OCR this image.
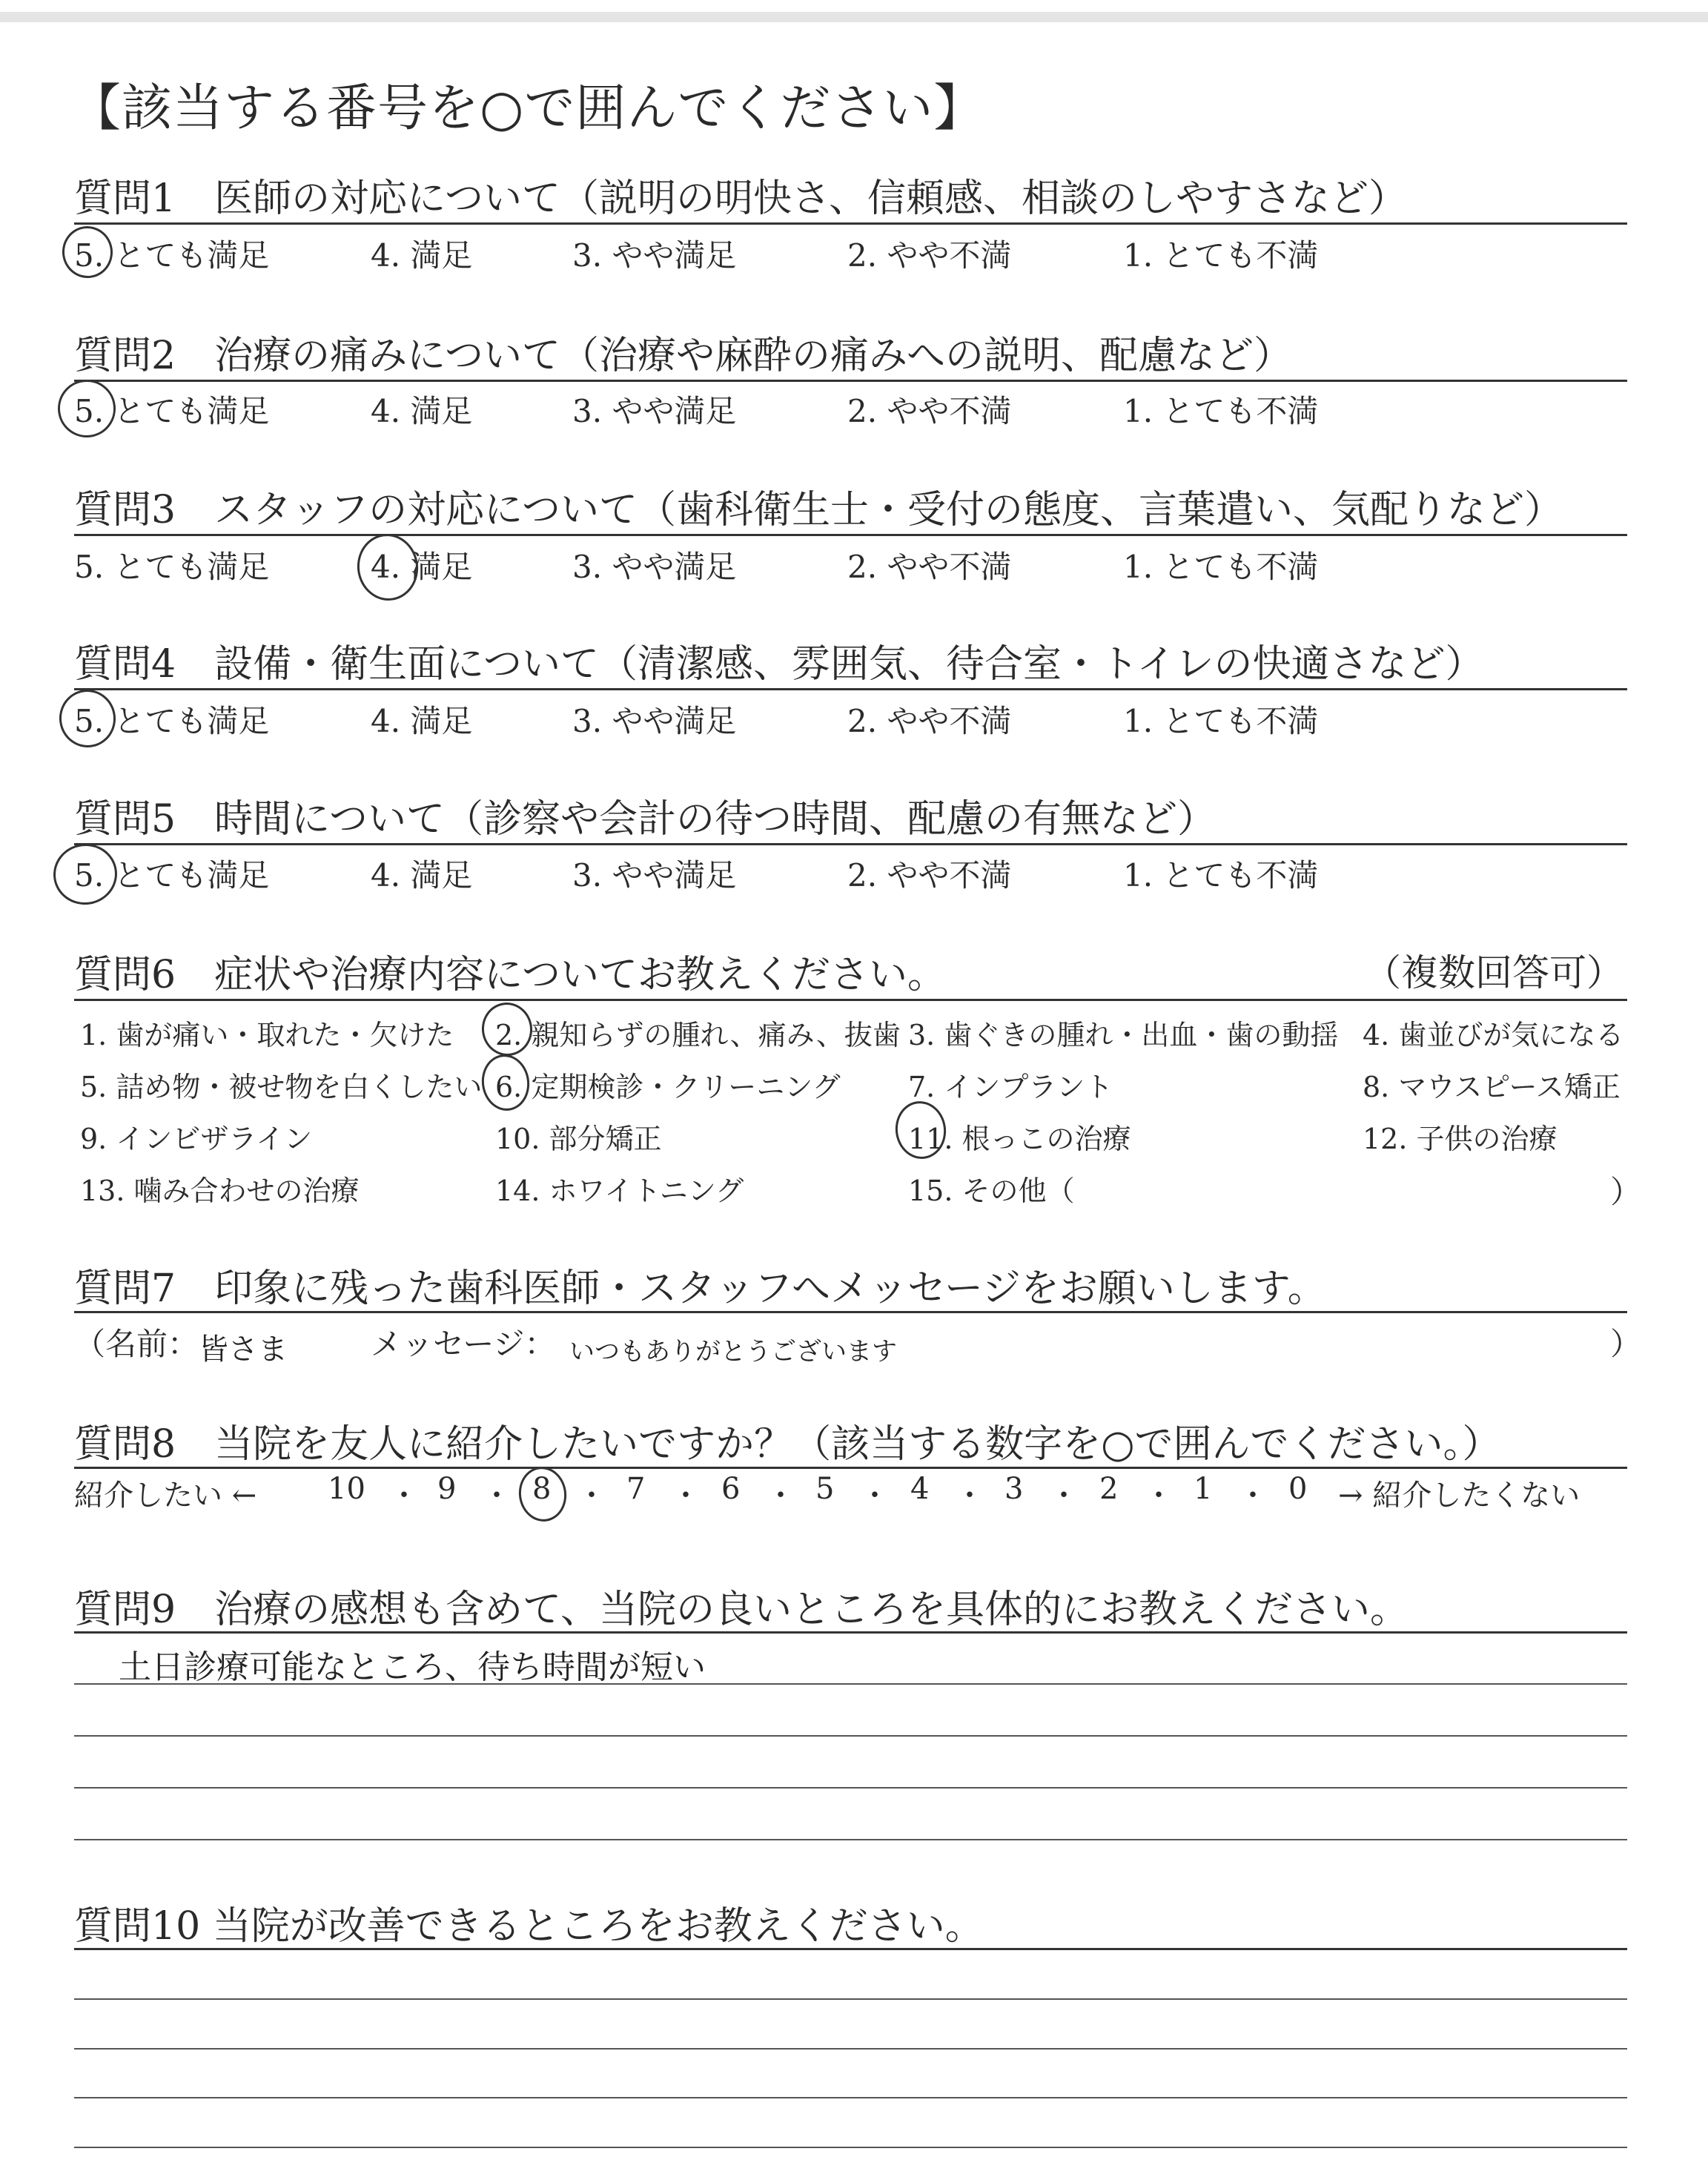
【該当する番号を○で囲んでください】
質問1　医師の対応について（説明の明快さ、信頼感、相談のしやすさなど）
5. とても満足	4. 満足	3. やや満足	2. やや不満	1. とても不満
質問2　治療の痛みについて（治療や麻酔の痛みへの説明、配慮など）
5. とても満足	4. 満足	3. やや満足	2. やや不満	1. とても不満
質問3　スタッフの対応について（歯科衛生士・受付の態度、言葉遣い、気配りなど）
5. とても満足	4. 満足	3. やや満足	2. やや不満	1. とても不満
質問4　設備・衛生面について（清潔感、雰囲気、待合室・トイレの快適さなど）
5. とても満足	4. 満足	3. やや満足	2. やや不満	1. とても不満
質問5　時間について（診察や会計の待つ時間、配慮の有無など）
5. とても満足	4. 満足	3. やや満足	2. やや不満	1. とても不満
質問6　症状や治療内容についてお教えください。	（複数回答可）
1. 歯が痛い・取れた・欠けた 2. 親知らずの腫れ、痛み、抜歯 3. 歯ぐきの腫れ・出血・歯の動揺 4. 歯並びが気になる
5. 詰め物・被せ物を白くしたい 6. 定期検診・クリーニング 7. インプラント	8. マウスピース矯正
9. インビザライン	10. 部分矯正	11. 根っこの治療	12. 子供の治療
13. 噛み合わせの治療	14. ホワイトニング	15. その他（	）
質問7　印象に残った歯科医師・スタッフへメッセージをお願いします。
（名前： 皆さま	メッセージ： いつもありがとうございます	）
質問8　当院を友人に紹介したいですか？（該当する数字を○で囲んでください。）
紹介したい ← 10 ・ 9 ・ 8 ・ 7 ・ 6 ・ 5 ・ 4 ・ 3 ・ 2 ・ 1 ・ 0 → 紹介したくない
質問9　治療の感想も含めて、当院の良いところを具体的にお教えください。
土日診療可能なところ、待ち時間が短い
質問10 当院が改善できるところをお教えください。
